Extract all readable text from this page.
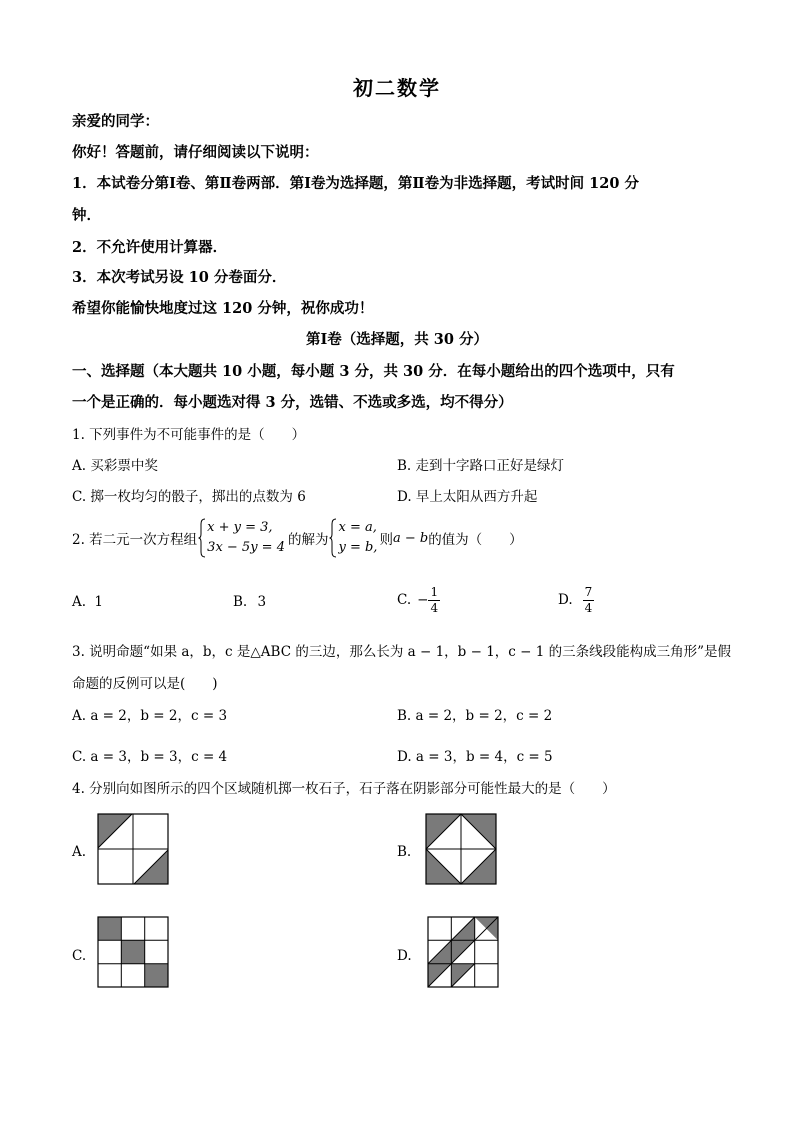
初二数学
亲爱的同学：
你好！答题前，请仔细阅读以下说明：
1．本试卷分第Ⅰ卷、第Ⅱ卷两部．第Ⅰ卷为选择题，第Ⅱ卷为非选择题，考试时间 120 分
钟．
2．不允许使用计算器．
3．本次考试另设 10 分卷面分．
希望你能愉快地度过这 120 分钟，祝你成功！
第Ⅰ卷（选择题，共 30 分）
一、选择题（本大题共 10 小题，每小题 3 分，共 30 分．在每小题给出的四个选项中，只有
一个是正确的．每小题选对得 3 分，选错、不选或多选，均不得分）
1. 下列事件为不可能事件的是（　　）
A. 买彩票中奖	B. 走到十字路口正好是绿灯
C. 掷一枚均匀的骰子，掷出的点数为 6	D. 早上太阳从西方升起
2. 若二元一次方程组
x + y = 3,
3x − 5y = 4 的解为
x = a,
y = b, 则 a − b 的值为（　　）
A. 1	B. 3	C. − $\frac{1}{4}$	D. $\frac{7}{4}$
3. 说明命题“如果 a，b，c 是△ABC 的三边，那么长为 a − 1，b − 1，c − 1 的三条线段能构成三角形”是假
命题的反例可以是(　　)
A. a = 2，b = 2，c = 3	B. a = 2，b = 2，c = 2
C. a = 3，b = 3，c = 4	D. a = 3，b = 4，c = 5
4. 分别向如图所示的四个区域随机掷一枚石子，石子落在阴影部分可能性最大的是（　　）
A.	B.
C.	D.
